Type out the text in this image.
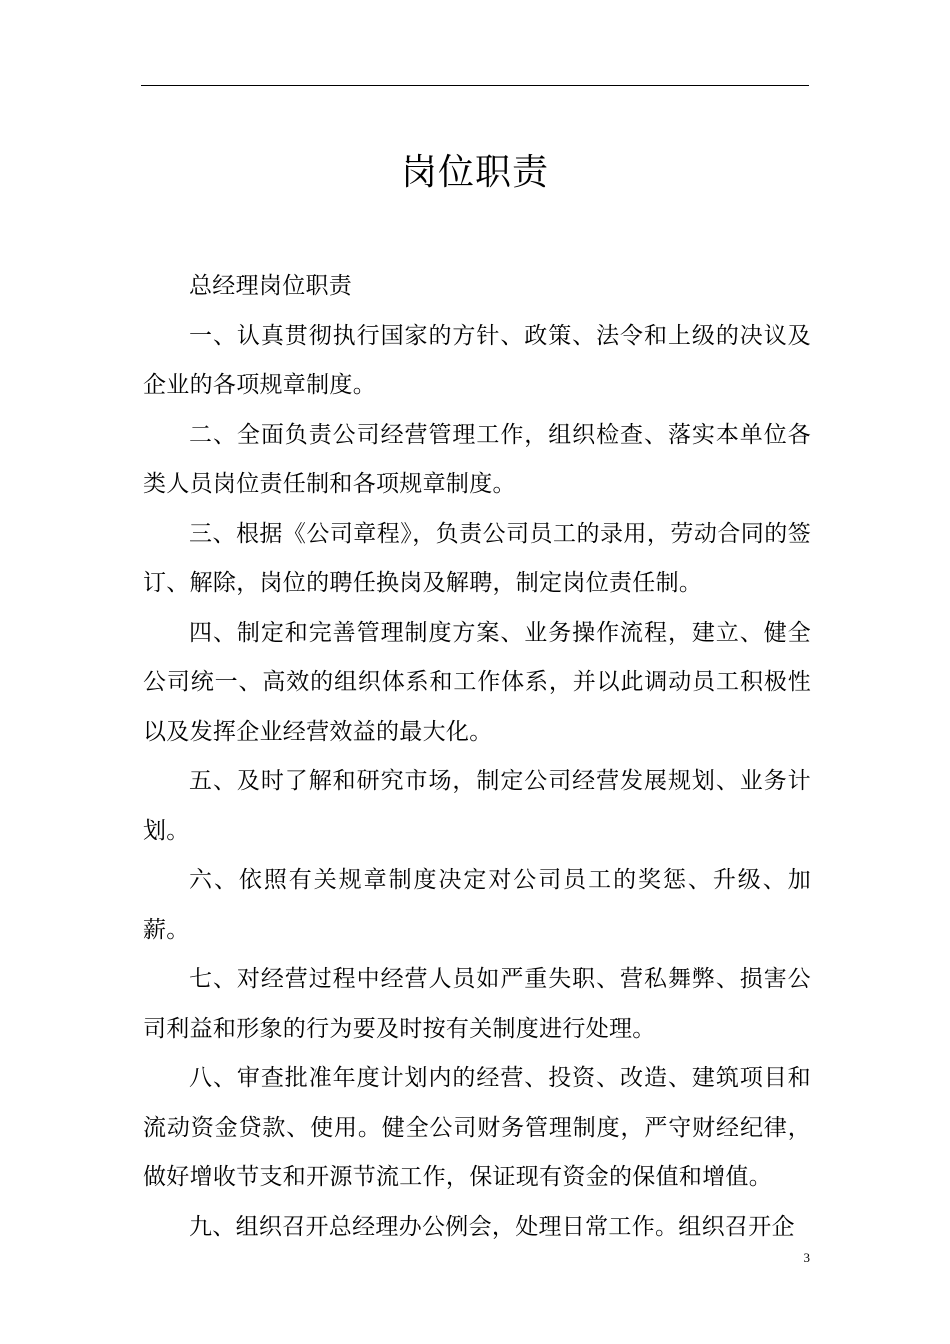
岗位职责

总经理岗位职责

一、认真贯彻执行国家的方针、政策、法令和上级的决议及企业的各项规章制度。

二、全面负责公司经营管理工作，组织检查、落实本单位各类人员岗位责任制和各项规章制度。

三、根据《公司章程》，负责公司员工的录用，劳动合同的签订、解除，岗位的聘任换岗及解聘，制定岗位责任制。

四、制定和完善管理制度方案、业务操作流程，建立、健全公司统一、高效的组织体系和工作体系，并以此调动员工积极性以及发挥企业经营效益的最大化。

五、及时了解和研究市场，制定公司经营发展规划、业务计划。

六、依照有关规章制度决定对公司员工的奖惩、升级、加薪。

七、对经营过程中经营人员如严重失职、营私舞弊、损害公司利益和形象的行为要及时按有关制度进行处理。

八、审查批准年度计划内的经营、投资、改造、建筑项目和流动资金贷款、使用。健全公司财务管理制度，严守财经纪律，做好增收节支和开源节流工作，保证现有资金的保值和增值。

九、组织召开总经理办公例会，处理日常工作。组织召开企

3
